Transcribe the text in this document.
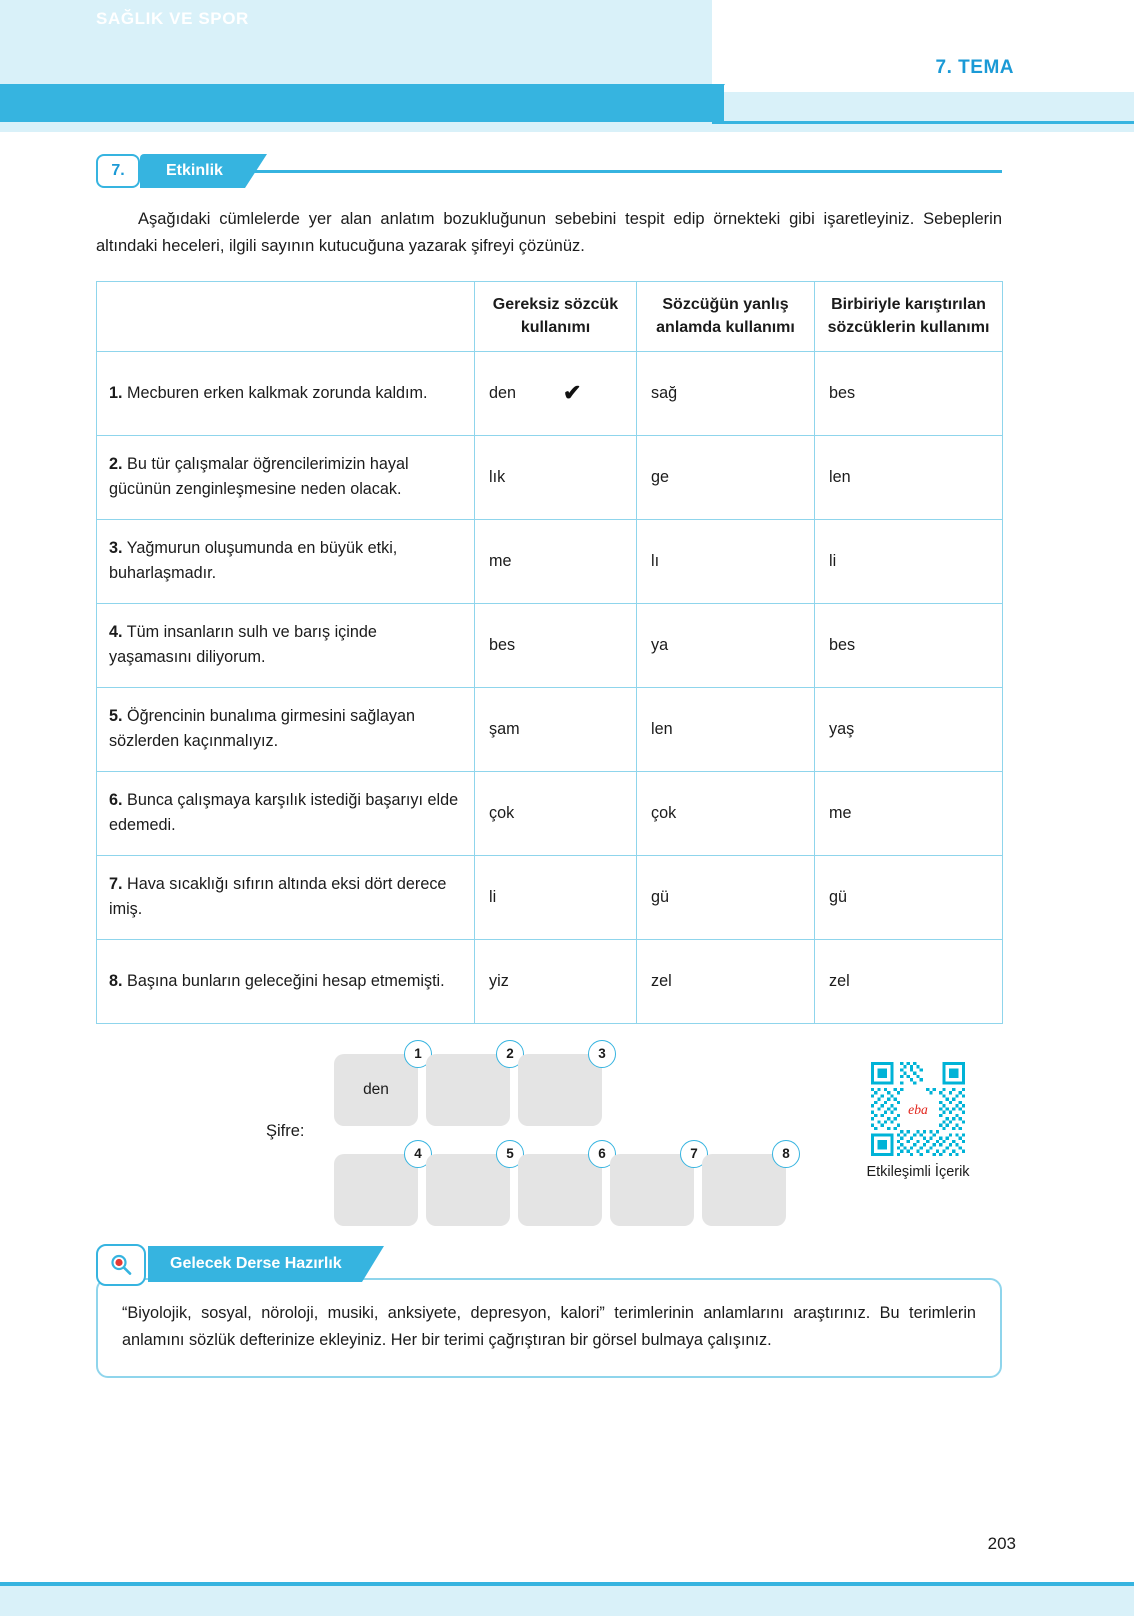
7. TEMA
SAĞLIK VE SPOR
7.	Etkinlik

Aşağıdaki cümlelerde yer alan anlatım bozukluğunun sebebini tespit edip örnekteki gibi işaretleyiniz. Sebeplerin altındaki heceleri, ilgili sayının kutucuğuna yazarak şifreyi çözünüz.

	Gereksiz sözcük kullanımı	Sözcüğün yanlış anlamda kullanımı	Birbiriyle karıştırılan sözcüklerin kullanımı
1. Mecburen erken kalkmak zorunda kaldım.	den ✔	sağ	bes
2. Bu tür çalışmalar öğrencilerimizin hayal gücünün zenginleşmesine neden olacak.	lık	ge	len
3. Yağmurun oluşumunda en büyük etki, buharlaşmadır.	me	lı	li
4. Tüm insanların sulh ve barış içinde yaşamasını diliyorum.	bes	ya	bes
5. Öğrencinin bunalıma girmesini sağlayan sözlerden kaçınmalıyız.	şam	len	yaş
6. Bunca çalışmaya karşılık istediği başarıyı elde edemedi.	çok	çok	me
7. Hava sıcaklığı sıfırın altında eksi dört derece imiş.	li	gü	gü
8. Başına bunların geleceğini hesap etmemişti.	yiz	zel	zel
Şifre:
1
den
2	3
4	5	6	7	8
eba
Etkileşimli İçerik
Gelecek Derse Hazırlık
“Biyolojik, sosyal, nöroloji, musiki, anksiyete, depresyon, kalori” terimlerinin anlamlarını araştırınız. Bu terimlerin anlamını sözlük defterinize ekleyiniz. Her bir terimi çağrıştıran bir görsel bulmaya çalışınız.
203
